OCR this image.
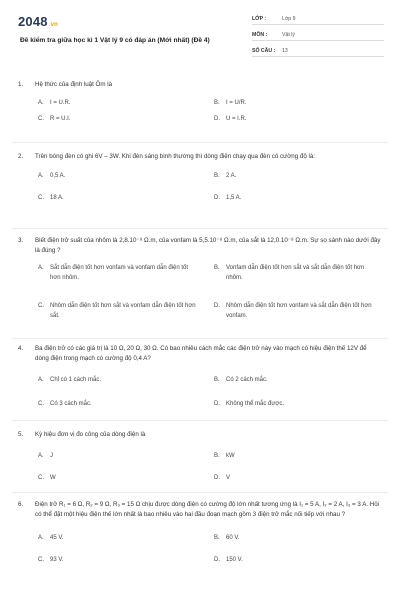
2048.vn
Đề kiểm tra giữa học kì 1 Vật lý 9 có đáp án (Mới nhất) (Đề 4)
LỚP :	Lớp 9
MÔN :	Vật lý
SỐ CÂU :	13
1.	Hệ thức của định luật Ôm là
A.	I = U.R.	B.	I = U/R.
C.	R = U.I.	D.	U = I.R.
2.	Trên bóng đèn có ghi 6V – 3W. Khi đèn sáng bình thường thì dòng điện chạy qua đèn có cường độ là:
A.	0,5 A.	B.	2 A.
C.	18 A.	D.	1,5 A.
3.	Biết điện trở suất của nhôm là 2,8.10⁻⁸ Ω.m, của vonfam là 5,5.10⁻⁸ Ω.m, của sắt là 12,0.10⁻⁸ Ω.m. Sự so sánh nào dưới đây là đúng ?
A.	Sắt dẫn điện tốt hơn vonfam và vonfam dẫn điện tốt hơn nhôm.
B.	Vonfam dẫn điện tốt hơn sắt và sắt dẫn điện tốt hơn nhôm.
C.	Nhôm dẫn điện tốt hơn sắt và vonfam dẫn điện tốt hơn sắt.
D.	Nhôm dẫn điện tốt hơn vonfam và sắt dẫn điện tốt hơn vonfam.
4.	Ba điện trở có các giá trị là 10 Ω, 20 Ω, 30 Ω. Có bao nhiêu cách mắc các điện trở này vào mạch có hiệu điện thế 12V để dòng điện trong mạch có cường độ 0,4 A?
A.	Chỉ có 1 cách mắc.	B.	Có 2 cách mắc.
C.	Có 3 cách mắc.	D.	Không thể mắc được.
5.	Kỳ hiệu đơn vị đo công của dòng điện là
A.	J	B.	kW
C.	W	D.	V
6.	Điện trở R₁ = 6 Ω, R₂ = 9 Ω, R₃ = 15 Ω chịu được dòng điện có cường độ lớn nhất tương ứng là I₁ = 5 A, I₂ = 2 A, I₃ = 3 A. Hỏi có thể đặt một hiệu điện thế lớn nhất là bao nhiêu vào hai đầu đoạn mạch gồm 3 điện trở mắc nối tiếp với nhau ?
A.	45 V.	B.	60 V.
C.	93 V.	D.	150 V.
